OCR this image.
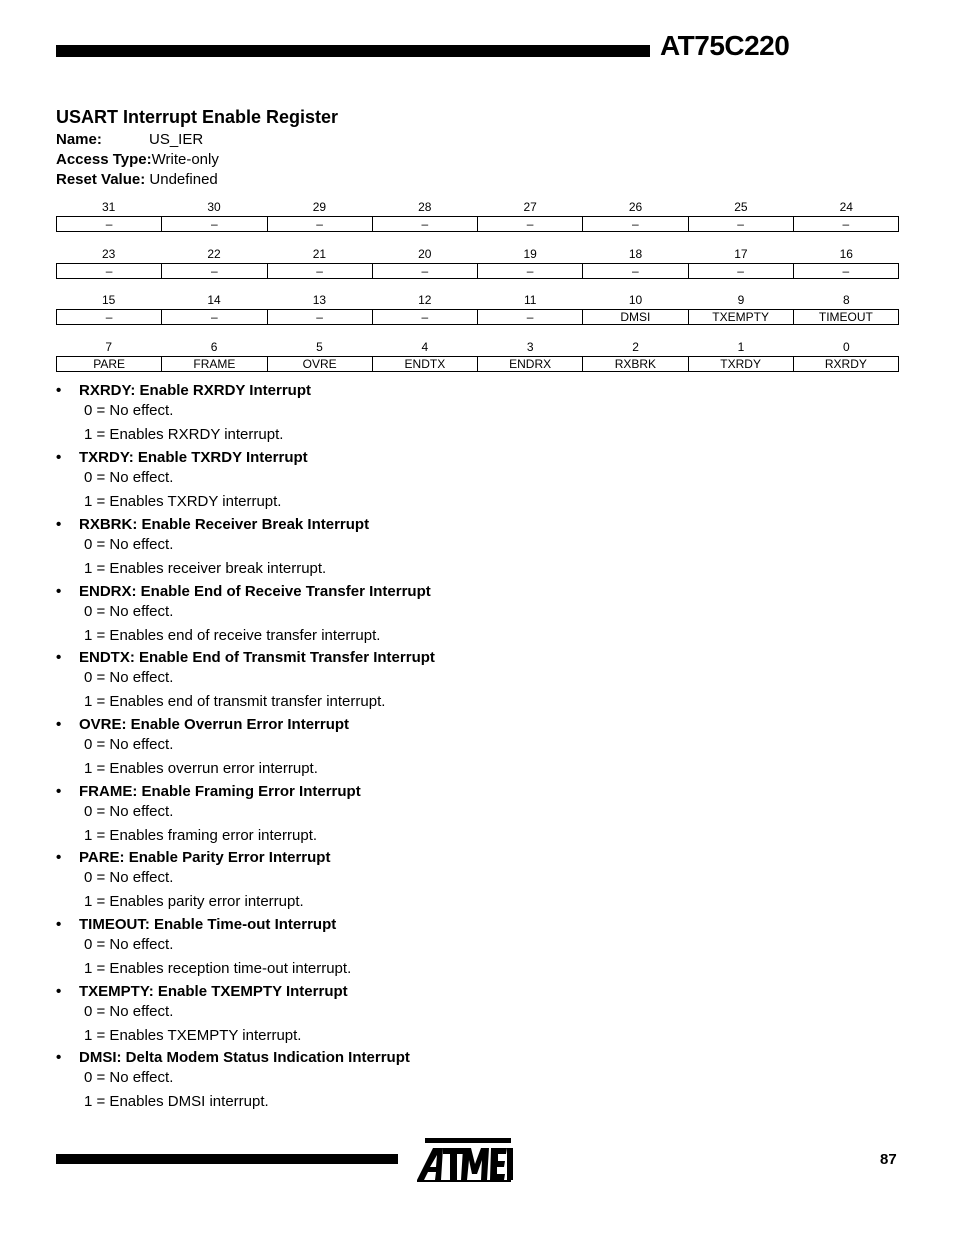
AT75C220
USART Interrupt Enable Register
Name:	US_IER
Access Type:Write-only
Reset Value: Undefined
31	30	29	28	27	26	25	24
–	–	–	–	–	–	–	–
23	22	21	20	19	18	17	16
–	–	–	–	–	–	–	–
15	14	13	12	11	10	9	8
–	–	–	–	–	DMSI	TXEMPTY	TIMEOUT
7	6	5	4	3	2	1	0
PARE	FRAME	OVRE	ENDTX	ENDRX	RXBRK	TXRDY	RXRDY
• RXRDY: Enable RXRDY Interrupt
0 = No effect.
1 = Enables RXRDY interrupt.
• TXRDY: Enable TXRDY Interrupt
0 = No effect.
1 = Enables TXRDY interrupt.
• RXBRK: Enable Receiver Break Interrupt
0 = No effect.
1 = Enables receiver break interrupt.
• ENDRX: Enable End of Receive Transfer Interrupt
0 = No effect.
1 = Enables end of receive transfer interrupt.
• ENDTX: Enable End of Transmit Transfer Interrupt
0 = No effect.
1 = Enables end of transmit transfer interrupt.
• OVRE: Enable Overrun Error Interrupt
0 = No effect.
1 = Enables overrun error interrupt.
• FRAME: Enable Framing Error Interrupt
0 = No effect.
1 = Enables framing error interrupt.
• PARE: Enable Parity Error Interrupt
0 = No effect.
1 = Enables parity error interrupt.
• TIMEOUT: Enable Time-out Interrupt
0 = No effect.
1 = Enables reception time-out interrupt.
• TXEMPTY: Enable TXEMPTY Interrupt
0 = No effect.
1 = Enables TXEMPTY interrupt.
• DMSI: Delta Modem Status Indication Interrupt
0 = No effect.
1 = Enables DMSI interrupt.
87
